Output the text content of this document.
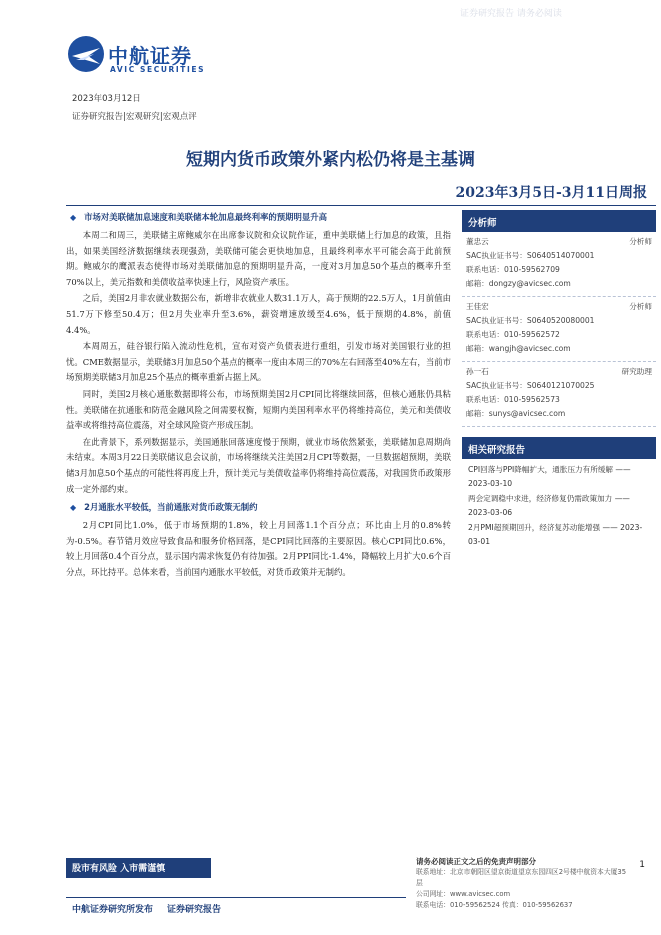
证券研究报告 请务必阅读
中航证券
AVIC SECURITIES
2023年03月12日
证券研究报告|宏观研究|宏观点评
短期内货币政策外紧内松仍将是主基调
2023年3月5日-3月11日周报
◆ 市场对美联储加息速度和美联储本轮加息最终利率的预期明显升高

本周二和周三，美联储主席鲍威尔在出席参议院和众议院作证，重申美联储上行加息的政策，且指出，如果美国经济数据继续表现强劲，美联储可能会更快地加息，且最终利率水平可能会高于此前预期。鲍威尔的鹰派表态使得市场对美联储加息的预期明显升高，一度对3月加息50个基点的概率升至70%以上，美元指数和美债收益率快速上行，风险资产承压。

之后，美国2月非农就业数据公布，新增非农就业人数31.1万人，高于预期的22.5万人，1月前值由51.7万下修至50.4万；但2月失业率升至3.6%，薪资增速放缓至4.6%，低于预期的4.8%，前值4.4%。

本周周五，硅谷银行陷入流动性危机，宣布对资产负债表进行重组，引发市场对美国银行业的担忧。CME数据显示，美联储3月加息50个基点的概率一度由本周三的70%左右回落至40%左右，当前市场预期美联储3月加息25个基点的概率重新占据上风。

同时，美国2月核心通胀数据即将公布，市场预期美国2月CPI同比将继续回落，但核心通胀仍具粘性。美联储在抗通胀和防范金融风险之间需要权衡，短期内美国利率水平仍将维持高位，美元和美债收益率或将维持高位震荡，对全球风险资产形成压制。

在此背景下，系列数据显示，美国通胀回落速度慢于预期，就业市场依然紧张，美联储加息周期尚未结束。本周3月22日美联储议息会议前，市场将继续关注美国2月CPI等数据，一旦数据超预期，美联储3月加息50个基点的可能性将再度上升，预计美元与美债收益率仍将维持高位震荡，对我国货币政策形成一定外部约束。

◆ 2月通胀水平较低，当前通胀对货币政策无制约

2月CPI同比1.0%，低于市场预期的1.8%，较上月回落1.1个百分点；环比由上月的0.8%转为-0.5%。春节错月效应导致食品和服务价格回落，是CPI同比回落的主要原因。核心CPI同比0.6%，较上月回落0.4个百分点，显示国内需求恢复仍有待加强。2月PPI同比-1.4%，降幅较上月扩大0.6个百分点，环比持平。总体来看，当前国内通胀水平较低，对货币政策并无制约。

分析师
董忠云	分析师
SAC执业证书号：S0640514070001
联系电话：010-59562709
邮箱：dongzy@avicsec.com
王佳宏	分析师
SAC执业证书号：S0640520080001
联系电话：010-59562572
邮箱：wangjh@avicsec.com
孙一石	研究助理
SAC执业证书号：S0640121070025
联系电话：010-59562573
邮箱：sunys@avicsec.com
相关研究报告
CPI回落与PPI降幅扩大，通胀压力有所缓解 —— 2023-03-10
两会定调稳中求进，经济修复仍需政策加力 —— 2023-03-06
2月PMI超预期回升，经济复苏动能增强 —— 2023-03-01
股市有风险 入市需谨慎	1
请务必阅读正文之后的免责声明部分
联系地址：北京市朝阳区望京街道望京东园四区2号楼中航资本大厦35层
公司网址：www.avicsec.com
联系电话：010-59562524 传真：010-59562637
中航证券研究所发布 证券研究报告
